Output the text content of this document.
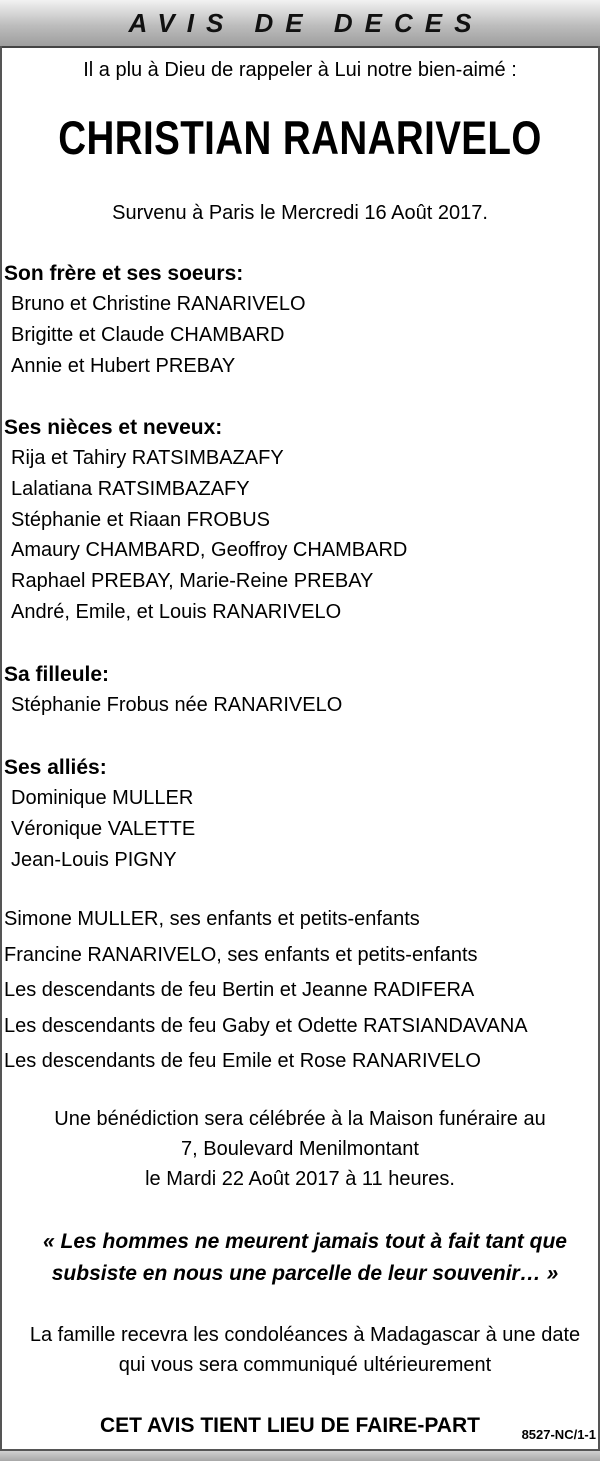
AVIS DE DECES
Il a plu à Dieu de rappeler à Lui notre bien-aimé :
CHRISTIAN RANARIVELO
Survenu à Paris le Mercredi 16 Août 2017.
Son frère et ses soeurs:
Bruno et Christine RANARIVELO
Brigitte et Claude CHAMBARD
Annie et Hubert PREBAY
Ses nièces et neveux:
Rija et Tahiry RATSIMBAZAFY
Lalatiana RATSIMBAZAFY
Stéphanie et Riaan FROBUS
Amaury CHAMBARD, Geoffroy CHAMBARD
Raphael PREBAY, Marie-Reine PREBAY
André, Emile, et Louis RANARIVELO
Sa filleule:
Stéphanie Frobus née RANARIVELO
Ses alliés:
Dominique MULLER
Véronique VALETTE
Jean-Louis PIGNY
Simone MULLER, ses enfants et petits-enfants
Francine RANARIVELO, ses enfants et petits-enfants
Les descendants de feu Bertin et Jeanne RADIFERA
Les descendants de feu Gaby et Odette RATSIANDAVANA
Les descendants de feu Emile et Rose RANARIVELO
Une bénédiction sera célébrée à la Maison funéraire au
7, Boulevard Menilmontant
le Mardi 22 Août 2017 à 11 heures.
« Les hommes ne meurent jamais tout à fait tant que
subsiste en nous une parcelle de leur souvenir… »
La famille recevra les condoléances à Madagascar à une date
qui vous sera communiqué ultérieurement
CET AVIS TIENT LIEU DE FAIRE-PART	8527-NC/1-1
